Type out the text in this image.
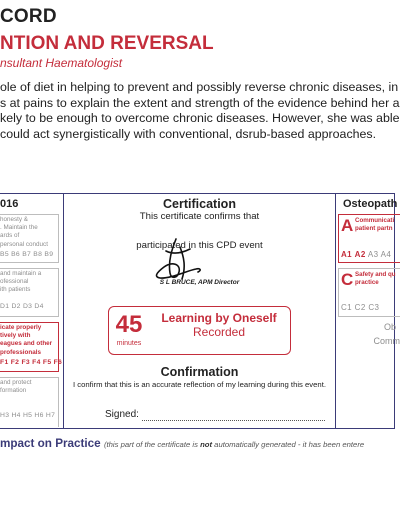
CORD
NTION AND REVERSAL
nsultant Haematologist
ole of diet in helping to prevent and possibly reverse chronic diseases, in
s at pains to explain the extent and strength of the evidence behind her a
kely to be enough to overcome chronic diseases. However, she was able
could act synergistically with conventional, dsrub-based approaches.
016
honesty &
. Maintain the
ards of
personal conduct
B5 B6 B7 B8 B9
and maintain a
ofessional
ith patients
D1 D2 D3 D4
icate properly
tively with
eagues and other
professionals
F1 F2 F3 F4 F5 F6
and protect
formation
H3 H4 H5 H6 H7
Certification
This certificate confirms that
participated in this CPD event
S L BRUCE, APM Director
45
minutes
Learning by Oneself
Recorded
Confirmation
I confirm that this is an accurate reflection of my learning during this event.
Signed:
Osteopath
A Communicati
patient partn
A1 A2 A3 A4
C Safety and qu
practice
C1 C2 C3
Ob
Comm
mpact on Practice (this part of the certificate is not automatically generated - it has been entere
